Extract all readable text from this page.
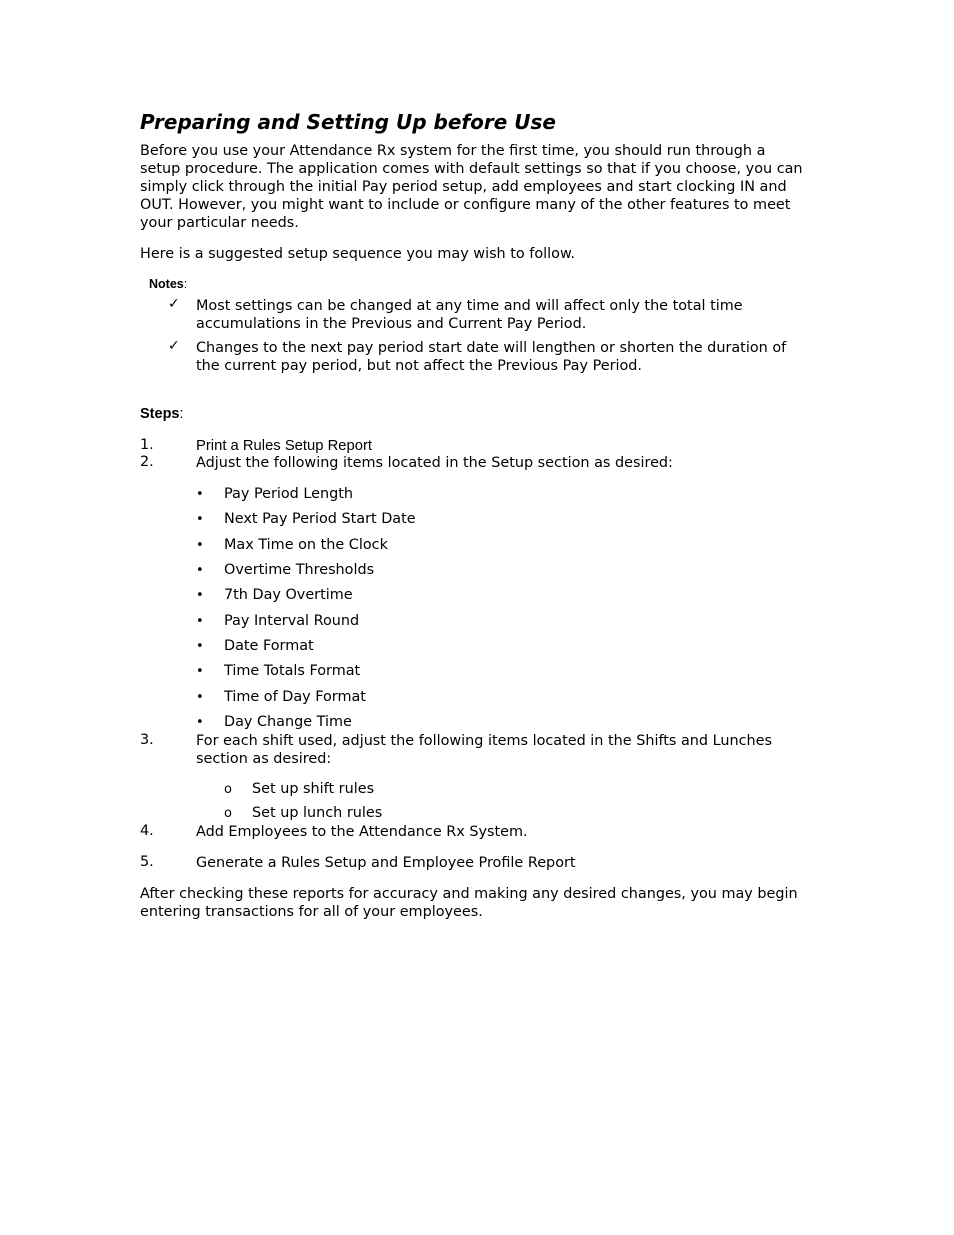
Preparing and Setting Up before Use
Before you use your Attendance Rx system for the first time, you should run through a setup procedure. The application comes with default settings so that if you choose, you can simply click through the initial Pay period setup, add employees and start clocking IN and OUT. However, you might want to include or configure many of the other features to meet your particular needs.
Here is a suggested setup sequence you may wish to follow.
Notes:
✓ Most settings can be changed at any time and will affect only the total time accumulations in the Previous and Current Pay Period.
✓ Changes to the next pay period start date will lengthen or shorten the duration of the current pay period, but not affect the Previous Pay Period.
Steps:
1.	Print a Rules Setup Report
2.	Adjust the following items located in the Setup section as desired:
• Pay Period Length
• Next Pay Period Start Date
• Max Time on the Clock
• Overtime Thresholds
• 7th Day Overtime
• Pay Interval Round
• Date Format
• Time Totals Format
• Time of Day Format
• Day Change Time
3.	For each shift used, adjust the following items located in the Shifts and Lunches section as desired:
o Set up shift rules
o Set up lunch rules
4.	Add Employees to the Attendance Rx System.
5.	Generate a Rules Setup and Employee Profile Report
After checking these reports for accuracy and making any desired changes, you may begin entering transactions for all of your employees.
